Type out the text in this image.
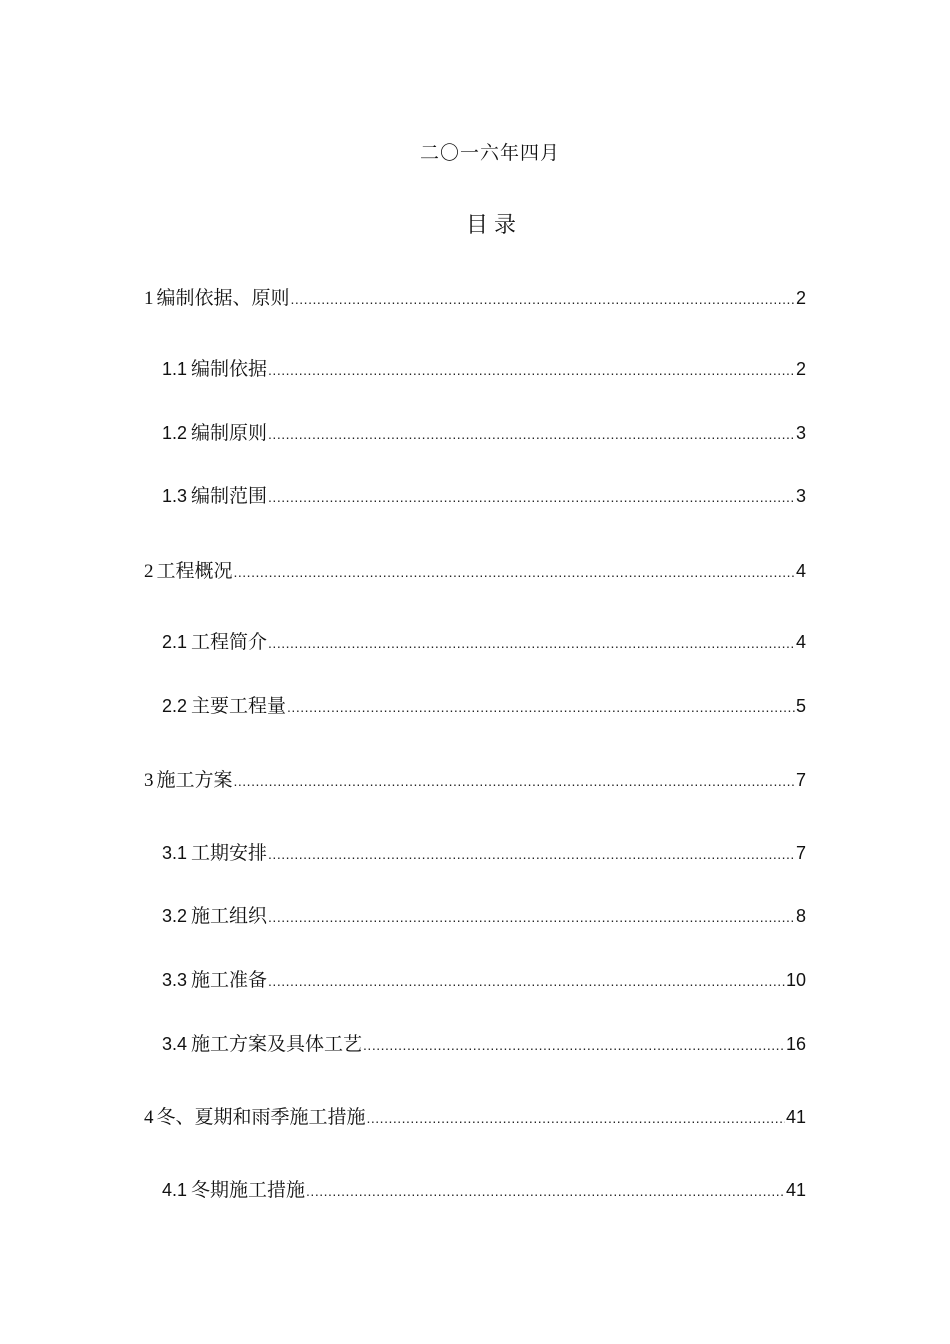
二〇一六年四月
目录
1 编制依据、原则 .....	2
1.1 编制依据 .....	2
1.2 编制原则 .....	3
1.3 编制范围 .....	3
2 工程概况 .....	4
2.1 工程简介 .....	4
2.2 主要工程量 .....	5
3 施工方案 .....	7
3.1 工期安排 .....	7
3.2 施工组织 .....	8
3.3 施工准备 .....	10
3.4 施工方案及具体工艺 .....	16
4 冬、夏期和雨季施工措施 .....	41
4.1 冬期施工措施 .....	41
